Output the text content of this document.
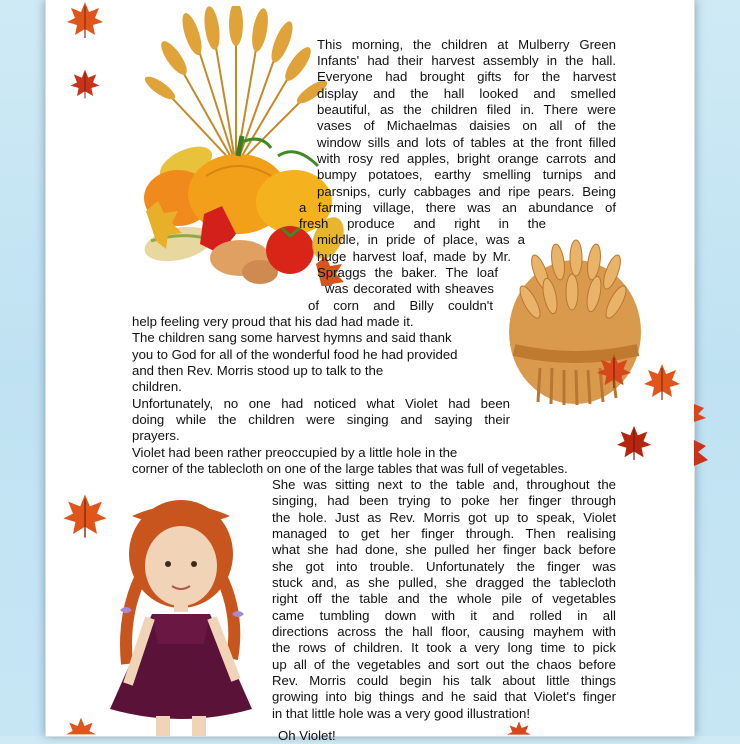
This morning, the children at Mulberry Green
Infants' had their harvest assembly in the hall.
Everyone had brought gifts for the harvest
display and the hall looked and smelled
beautiful, as the children filed in. There were
vases of Michaelmas daisies on all of the
window sills and lots of tables at the front filled
with rosy red apples, bright orange carrots and
bumpy potatoes, earthy smelling turnips and
parsnips, curly cabbages and ripe pears. Being
a farming village, there was an abundance of
fresh produce and right in the
middle, in pride of place, was a
huge harvest loaf, made by Mr.
Spraggs the baker. The loaf
was decorated with sheaves
of corn and Billy couldn't
help feeling very proud that his dad had made it.
The children sang some harvest hymns and said thank
you to God for all of the wonderful food he had provided
and then Rev. Morris stood up to talk to the
children.
Unfortunately, no one had noticed what Violet had been
doing while the children were singing and saying their
prayers.
Violet had been rather preoccupied by a little hole in the
corner of the tablecloth on one of the large tables that was full of vegetables.
She was sitting next to the table and, throughout the
singing, had been trying to poke her finger through
the hole. Just as Rev. Morris got up to speak, Violet
managed to get her finger through. Then realising
what she had done, she pulled her finger back before
she got into trouble. Unfortunately the finger was
stuck and, as she pulled, she dragged the tablecloth
right off the table and the whole pile of vegetables
came tumbling down with it and rolled in all
directions across the hall floor, causing mayhem with
the rows of children. It took a very long time to pick
up all of the vegetables and sort out the chaos before
Rev. Morris could begin his talk about little things
growing into big things and he said that Violet's finger
in that little hole was a very good illustration!
Oh Violet!
